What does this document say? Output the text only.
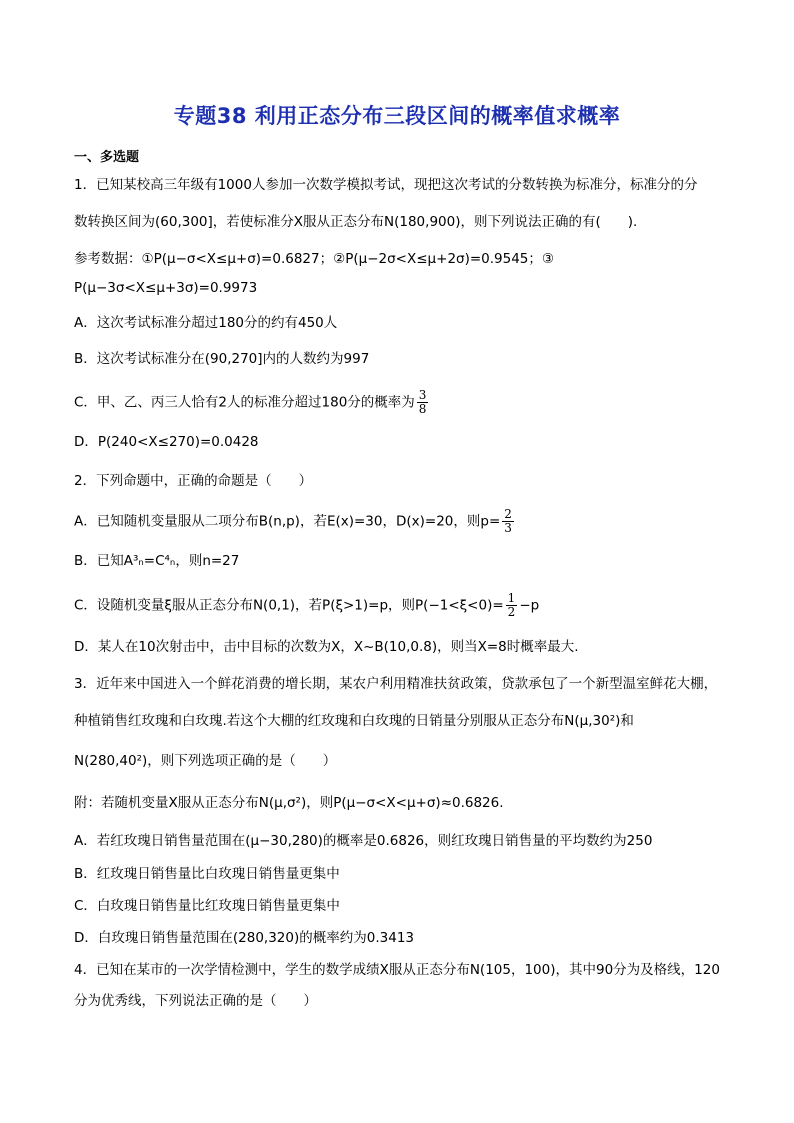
专题38 利用正态分布三段区间的概率值求概率
一、多选题
1．已知某校高三年级有1000人参加一次数学模拟考试，现把这次考试的分数转换为标准分，标准分的分
数转换区间为(60,300]，若使标准分X服从正态分布N(180,900)，则下列说法正确的有(　　).
参考数据：①P(μ−σ<X≤μ+σ)=0.6827；②P(μ−2σ<X≤μ+2σ)=0.9545；③
P(μ−3σ<X≤μ+3σ)=0.9973
A．这次考试标准分超过180分的约有450人
B．这次考试标准分在(90,270]内的人数约为997
C．甲、乙、丙三人恰有2人的标准分超过180分的概率为 $\frac{3}{8}$
D．P(240<X≤270)=0.0428
2．下列命题中，正确的命题是（　　）
A．已知随机变量服从二项分布B(n,p)，若E(x)=30，D(x)=20，则$p= \frac{2}{3}$
B．已知A³ₙ=C⁴ₙ，则n=27
C．设随机变量ξ服从正态分布N(0,1)，若P(ξ>1)=p，则$P(-1<\xi<0)= \frac{1}{2} -p$
D．某人在10次射击中，击中目标的次数为X，X~B(10,0.8)，则当X=8时概率最大.
3．近年来中国进入一个鲜花消费的增长期，某农户利用精准扶贫政策，贷款承包了一个新型温室鲜花大棚，
种植销售红玫瑰和白玫瑰.若这个大棚的红玫瑰和白玫瑰的日销量分别服从正态分布N(μ,30²)和
N(280,40²)，则下列选项正确的是（　　）
附：若随机变量X服从正态分布N(μ,σ²)，则P(μ−σ<X<μ+σ)≈0.6826.
A．若红玫瑰日销售量范围在(μ−30,280)的概率是0.6826，则红玫瑰日销售量的平均数约为250
B．红玫瑰日销售量比白玫瑰日销售量更集中
C．白玫瑰日销售量比红玫瑰日销售量更集中
D．白玫瑰日销售量范围在(280,320)的概率约为0.3413
4．已知在某市的一次学情检测中，学生的数学成绩X服从正态分布N(105，100)，其中90分为及格线，120
分为优秀线，下列说法正确的是（　　）
